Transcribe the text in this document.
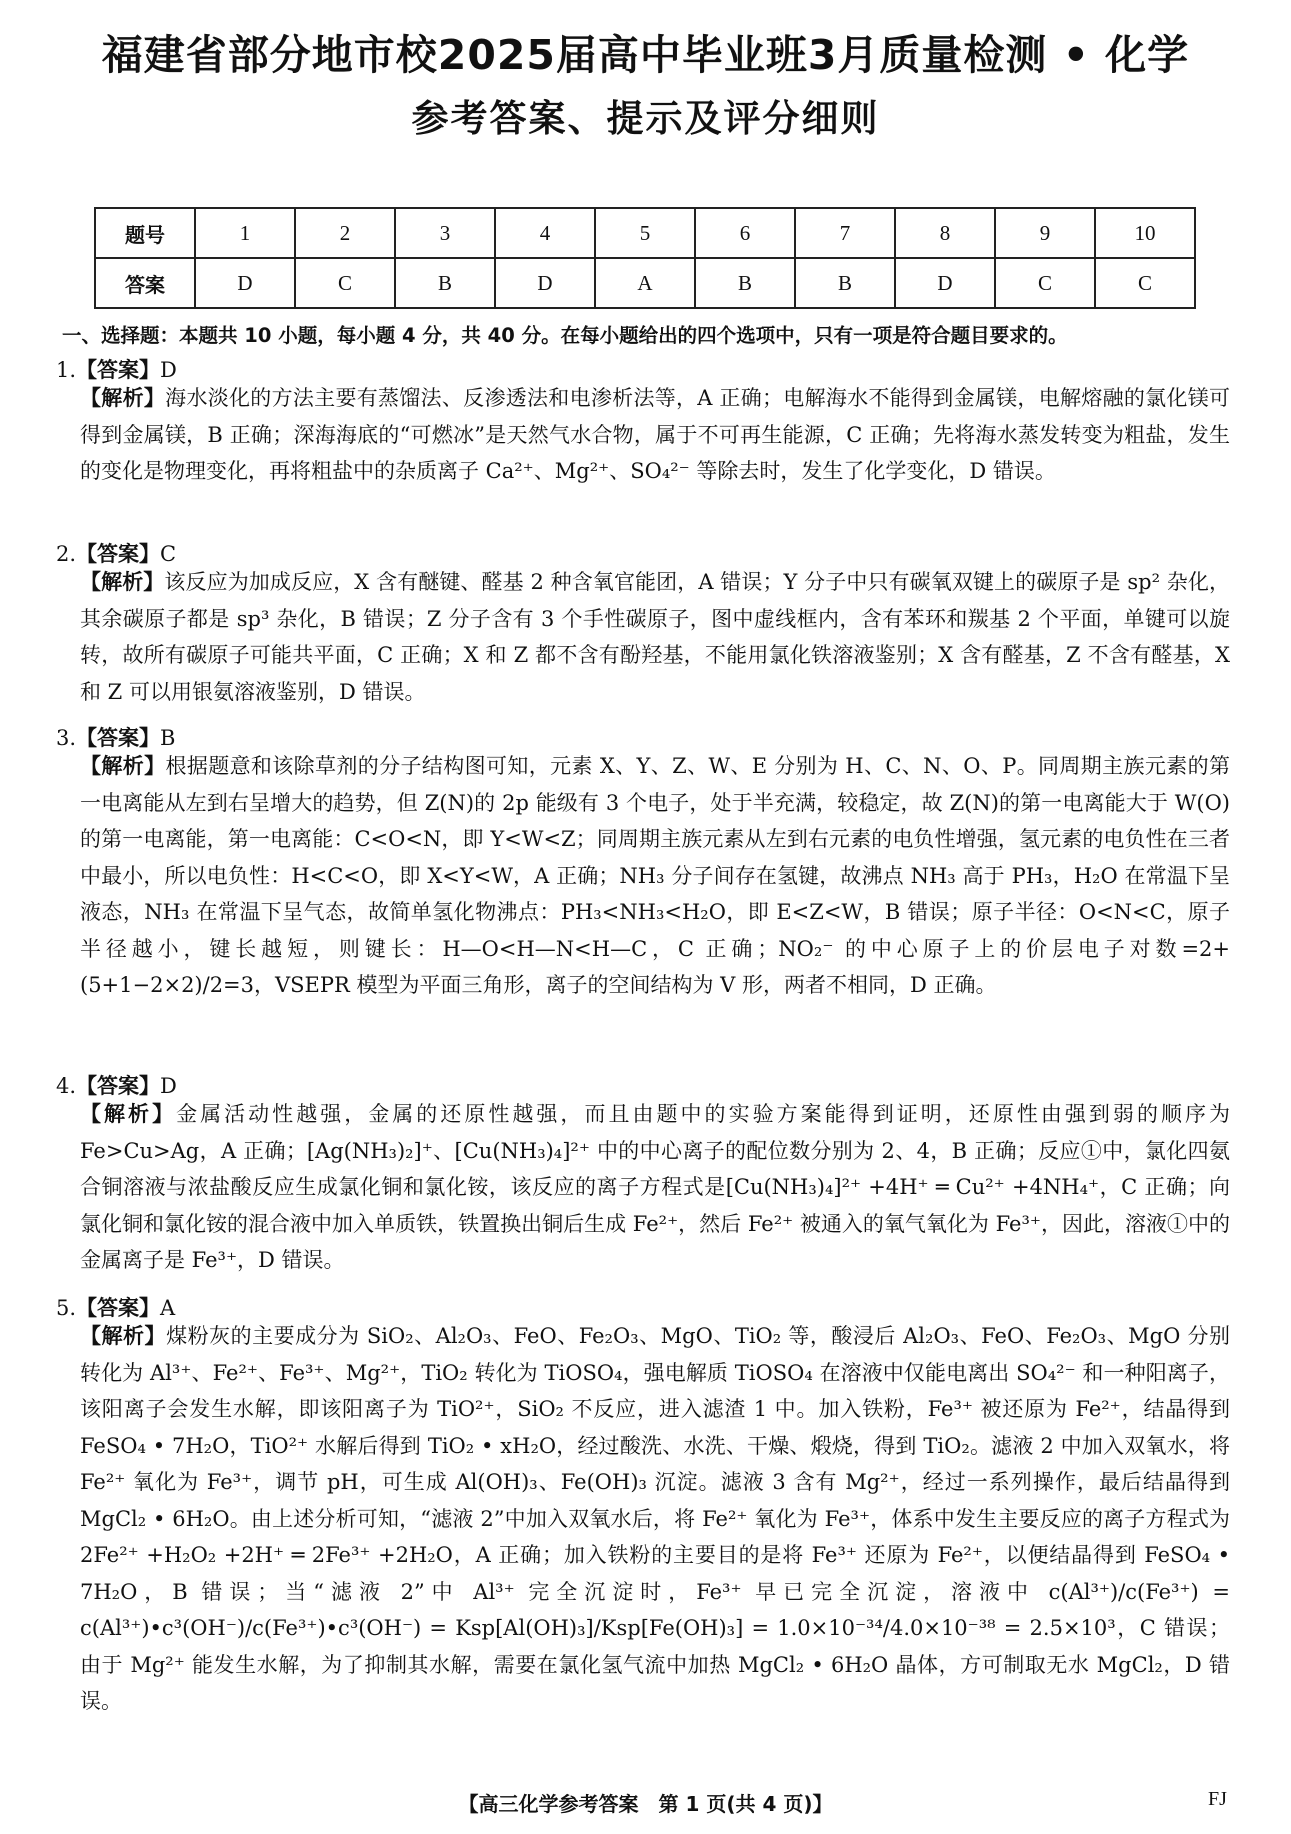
福建省部分地市校2025届高中毕业班3月质量检测 • 化学
参考答案、提示及评分细则
题号	1	2	3	4	5	6	7	8	9	10
答案	D	C	B	D	A	B	B	D	C	C
一、选择题：本题共 10 小题，每小题 4 分，共 40 分。在每小题给出的四个选项中，只有一项是符合题目要求的。
1.【答案】D
【解析】海水淡化的方法主要有蒸馏法、反渗透法和电渗析法等，A 正确；电解海水不能得到金属镁，电解熔融的氯化镁可得到金属镁，B 正确；深海海底的“可燃冰”是天然气水合物，属于不可再生能源，C 正确；先将海水蒸发转变为粗盐，发生的变化是物理变化，再将粗盐中的杂质离子 Ca²⁺、Mg²⁺、SO₄²⁻ 等除去时，发生了化学变化，D 错误。
2.【答案】C
【解析】该反应为加成反应，X 含有醚键、醛基 2 种含氧官能团，A 错误；Y 分子中只有碳氧双键上的碳原子是 sp² 杂化，其余碳原子都是 sp³ 杂化，B 错误；Z 分子含有 3 个手性碳原子，图中虚线框内，含有苯环和羰基 2 个平面，单键可以旋转，故所有碳原子可能共平面，C 正确；X 和 Z 都不含有酚羟基，不能用氯化铁溶液鉴别；X 含有醛基，Z 不含有醛基，X 和 Z 可以用银氨溶液鉴别，D 错误。
3.【答案】B
【解析】根据题意和该除草剂的分子结构图可知，元素 X、Y、Z、W、E 分别为 H、C、N、O、P。同周期主族元素的第一电离能从左到右呈增大的趋势，但 Z(N)的 2p 能级有 3 个电子，处于半充满，较稳定，故 Z(N)的第一电离能大于 W(O)的第一电离能，第一电离能：C<O<N，即 Y<W<Z；同周期主族元素从左到右元素的电负性增强，氢元素的电负性在三者中最小，所以电负性：H<C<O，即 X<Y<W，A 正确；NH₃ 分子间存在氢键，故沸点 NH₃ 高于 PH₃，H₂O 在常温下呈液态，NH₃ 在常温下呈气态，故简单氢化物沸点：PH₃<NH₃<H₂O，即 E<Z<W，B 错误；原子半径：O<N<C，原子半径越小，键长越短，则键长：H—O<H—N<H—C，C 正确；NO₂⁻ 的中心原子上的价层电子对数=2+(5+1−2×2)/2=3，VSEPR 模型为平面三角形，离子的空间结构为 V 形，两者不相同，D 正确。
4.【答案】D
【解析】金属活动性越强，金属的还原性越强，而且由题中的实验方案能得到证明，还原性由强到弱的顺序为 Fe>Cu>Ag，A 正确；[Ag(NH₃)₂]⁺、[Cu(NH₃)₄]²⁺ 中的中心离子的配位数分别为 2、4，B 正确；反应①中，氯化四氨合铜溶液与浓盐酸反应生成氯化铜和氯化铵，该反应的离子方程式是[Cu(NH₃)₄]²⁺ +4H⁺ ═ Cu²⁺ +4NH₄⁺，C 正确；向氯化铜和氯化铵的混合液中加入单质铁，铁置换出铜后生成 Fe²⁺，然后 Fe²⁺ 被通入的氧气氧化为 Fe³⁺，因此，溶液①中的金属离子是 Fe³⁺，D 错误。
5.【答案】A
【解析】煤粉灰的主要成分为 SiO₂、Al₂O₃、FeO、Fe₂O₃、MgO、TiO₂ 等，酸浸后 Al₂O₃、FeO、Fe₂O₃、MgO 分别转化为 Al³⁺、Fe²⁺、Fe³⁺、Mg²⁺，TiO₂ 转化为 TiOSO₄，强电解质 TiOSO₄ 在溶液中仅能电离出 SO₄²⁻ 和一种阳离子，该阳离子会发生水解，即该阳离子为 TiO²⁺，SiO₂ 不反应，进入滤渣 1 中。加入铁粉，Fe³⁺ 被还原为 Fe²⁺，结晶得到 FeSO₄ • 7H₂O，TiO²⁺ 水解后得到 TiO₂ • xH₂O，经过酸洗、水洗、干燥、煅烧，得到 TiO₂。滤液 2 中加入双氧水，将 Fe²⁺ 氧化为 Fe³⁺，调节 pH，可生成 Al(OH)₃、Fe(OH)₃ 沉淀。滤液 3 含有 Mg²⁺，经过一系列操作，最后结晶得到 MgCl₂ • 6H₂O。由上述分析可知，“滤液 2”中加入双氧水后，将 Fe²⁺ 氧化为 Fe³⁺，体系中发生主要反应的离子方程式为 2Fe²⁺ +H₂O₂ +2H⁺ ═ 2Fe³⁺ +2H₂O，A 正确；加入铁粉的主要目的是将 Fe³⁺ 还原为 Fe²⁺，以便结晶得到 FeSO₄ • 7H₂O，B 错误；当“滤液 2”中 Al³⁺ 完全沉淀时，Fe³⁺ 早已完全沉淀，溶液中 c(Al³⁺)/c(Fe³⁺) = c(Al³⁺)•c³(OH⁻)/c(Fe³⁺)•c³(OH⁻) = Ksp[Al(OH)₃]/Ksp[Fe(OH)₃] = 1.0×10⁻³⁴/4.0×10⁻³⁸ = 2.5×10³，C 错误；由于 Mg²⁺ 能发生水解，为了抑制其水解，需要在氯化氢气流中加热 MgCl₂ • 6H₂O 晶体，方可制取无水 MgCl₂，D 错误。
【高三化学参考答案　第 1 页(共 4 页)】	FJ
